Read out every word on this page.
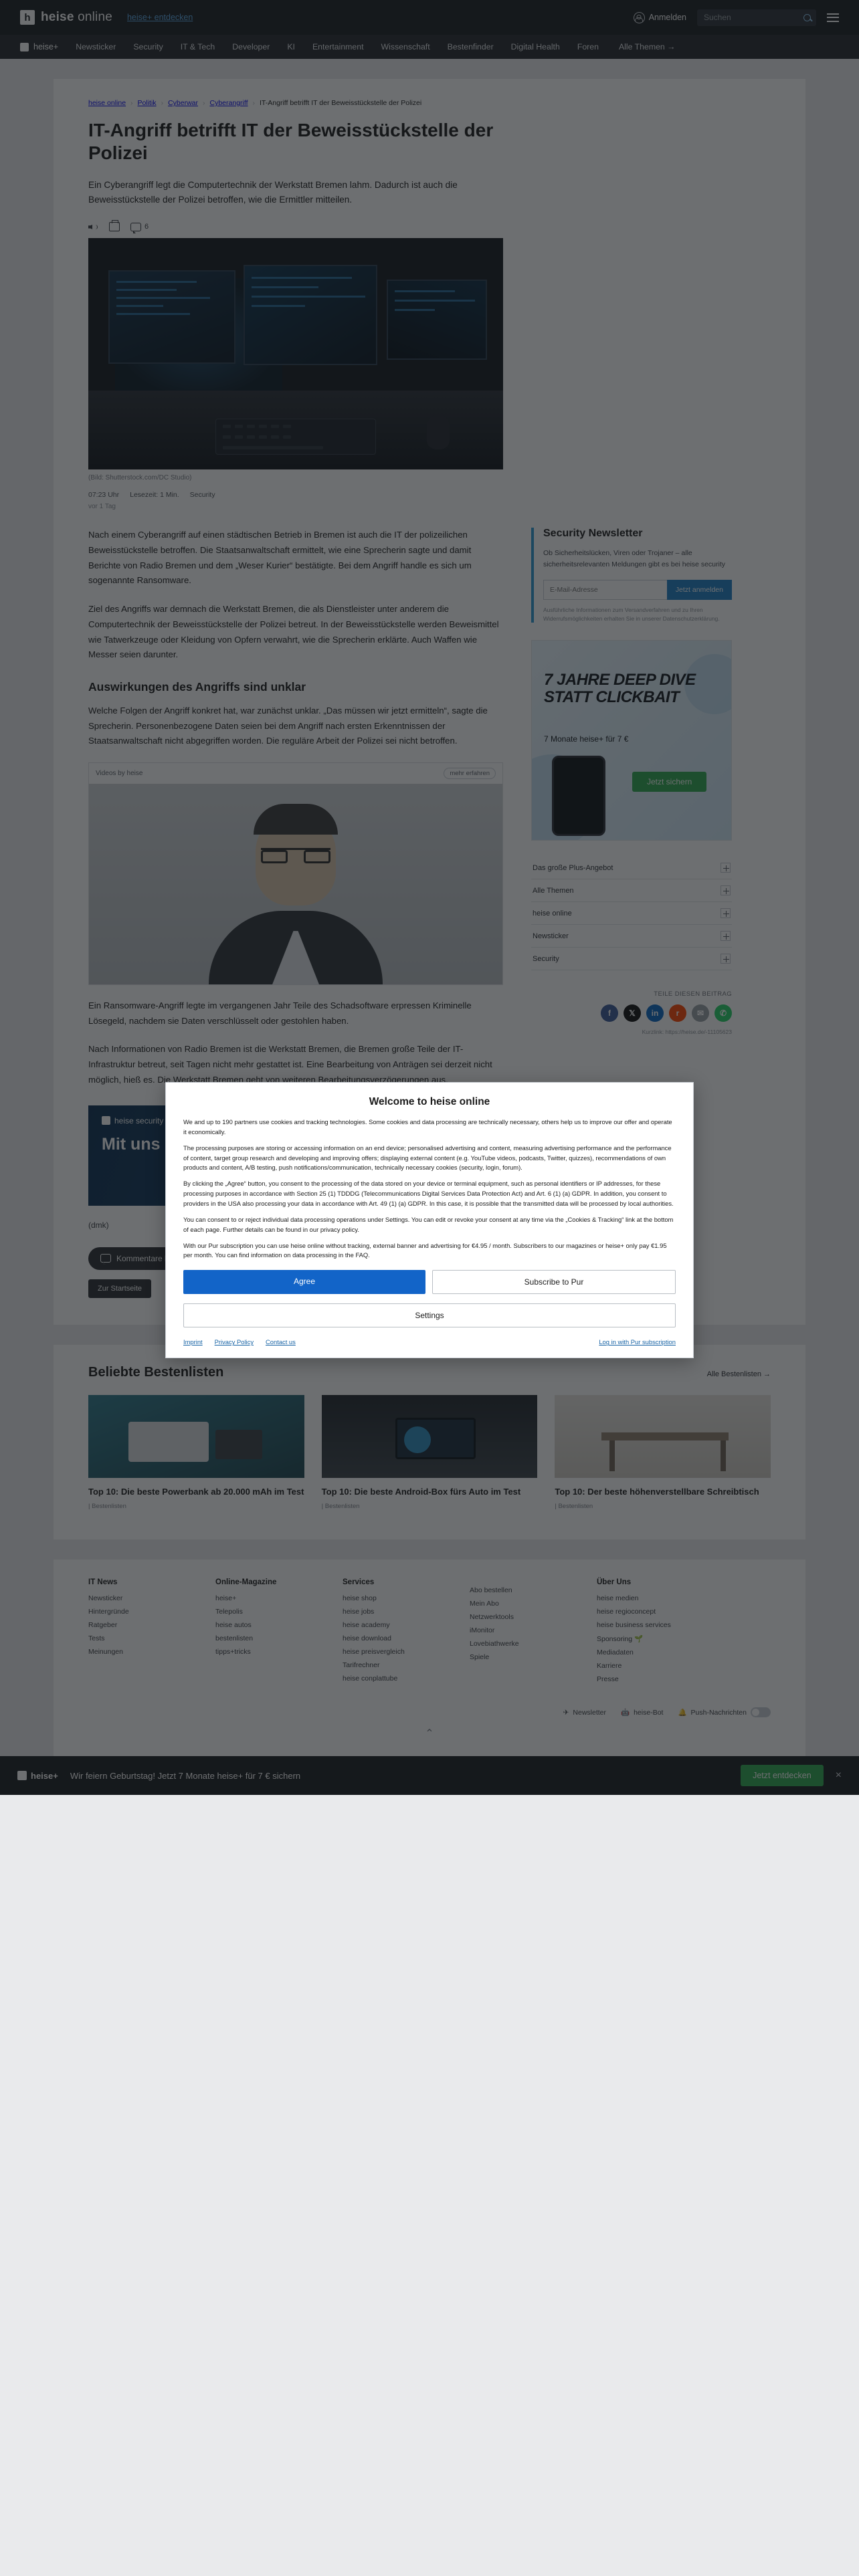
Suchen

E-Mail-Adresse
Welcome to heise online

We and up to 190 partners use cookies and tracking technologies. Some cookies and data processing are technically necessary, others help us to improve our offer and operate it economically.

The processing purposes are storing or accessing information on an end device; personalised advertising and content, measuring advertising performance and the performance of content, target group research and developing and improving offers; displaying external content (e.g. YouTube videos, podcasts, Twitter, quizzes), recommendations of own products and content, A/B testing, push notifications/communication, technically necessary cookies (security, login, forum).

By clicking the „Agree“ button, you consent to the processing of the data stored on your device or terminal equipment, such as personal identifiers or IP addresses, for these processing purposes in accordance with Section 25 (1) TDDDG (Telecommunications Digital Services Data Protection Act) and Art. 6 (1) (a) GDPR. In addition, you consent to providers in the USA also processing your data in accordance with Art. 49 (1) (a) GDPR. In this case, it is possible that the transmitted data will be processed by local authorities.

You can consent to or reject individual data processing operations under Settings. You can edit or revoke your consent at any time via the „Cookies & Tracking“ link at the bottom of each page. Further details can be found in our privacy policy.

With our Pur subscription you can use heise online without tracking, external banner and advertising for €4.95 / month. Subscribers to our magazines or heise+ only pay €1.95 per month. You can find information on data processing in the FAQ.

Agree	Subscribe to Pur
Settings
Imprint Privacy Policy Contact us	Log in with Pur subscription
